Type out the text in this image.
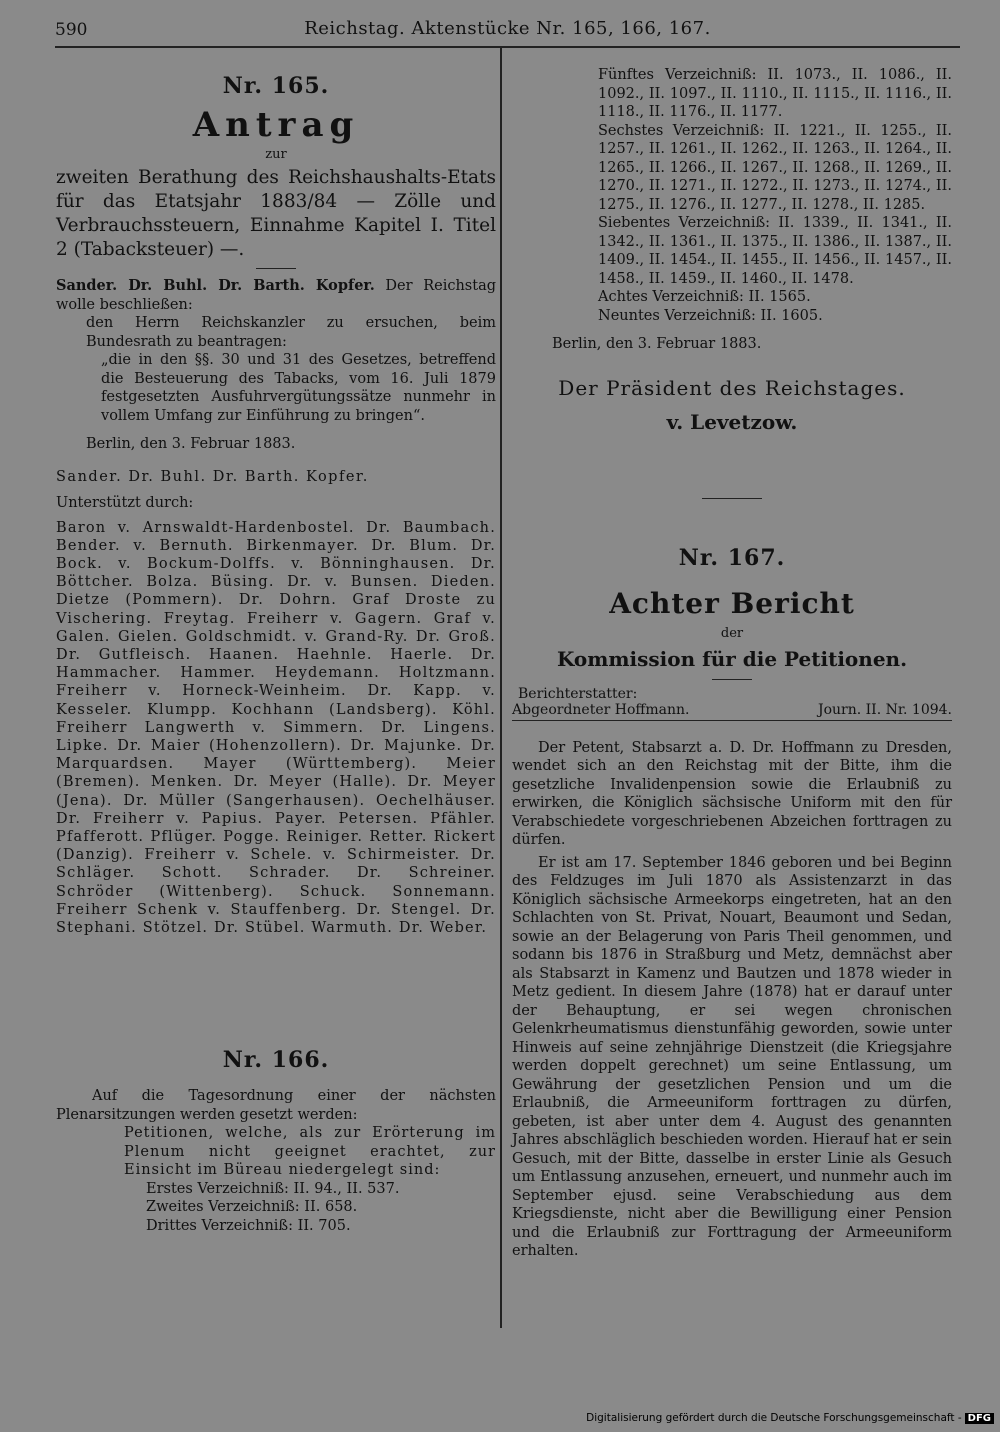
590	Reichstag. Aktenstücke Nr. 165, 166, 167.
Nr. 165.
Antrag
zur
zweiten Berathung des Reichshaushalts-Etats für das Etatsjahr 1883/84 — Zölle und Verbrauchssteuern, Einnahme Kapitel I. Titel 2 (Tabacksteuer) —.
Sander. Dr. Buhl. Dr. Barth. Kopfer. Der Reichstag wolle beschließen:
den Herrn Reichskanzler zu ersuchen, beim Bundesrath zu beantragen:
„die in den §§. 30 und 31 des Gesetzes, betreffend die Besteuerung des Tabacks, vom 16. Juli 1879 festgesetzten Ausfuhrvergütungssätze nunmehr in vollem Umfang zur Einführung zu bringen“.
Berlin, den 3. Februar 1883.
Sander. Dr. Buhl. Dr. Barth. Kopfer.
Unterstützt durch:
Baron v. Arnswaldt-Hardenbostel. Dr. Baumbach. Bender. v. Bernuth. Birkenmayer. Dr. Blum. Dr. Bock. v. Bockum-Dolffs. v. Bönninghausen. Dr. Böttcher. Bolza. Büsing. Dr. v. Bunsen. Dieden. Dietze (Pommern). Dr. Dohrn. Graf Droste zu Vischering. Freytag. Freiherr v. Gagern. Graf v. Galen. Gielen. Goldschmidt. v. Grand-Ry. Dr. Groß. Dr. Gutfleisch. Haanen. Haehnle. Haerle. Dr. Hammacher. Hammer. Heydemann. Holtzmann. Freiherr v. Horneck-Weinheim. Dr. Kapp. v. Kesseler. Klumpp. Kochhann (Landsberg). Köhl. Freiherr Langwerth v. Simmern. Dr. Lingens. Lipke. Dr. Maier (Hohenzollern). Dr. Majunke. Dr. Marquardsen. Mayer (Württemberg). Meier (Bremen). Menken. Dr. Meyer (Halle). Dr. Meyer (Jena). Dr. Müller (Sangerhausen). Oechelhäuser. Dr. Freiherr v. Papius. Payer. Petersen. Pfähler. Pfafferott. Pflüger. Pogge. Reiniger. Retter. Rickert (Danzig). Freiherr v. Schele. v. Schirmeister. Dr. Schläger. Schott. Schrader. Dr. Schreiner. Schröder (Wittenberg). Schuck. Sonnemann. Freiherr Schenk v. Stauffenberg. Dr. Stengel. Dr. Stephani. Stötzel. Dr. Stübel. Warmuth. Dr. Weber.
Nr. 166.
Auf die Tagesordnung einer der nächsten Plenarsitzungen werden gesetzt werden:
Petitionen, welche, als zur Erörterung im Plenum nicht geeignet erachtet, zur Einsicht im Büreau niedergelegt sind:
Erstes Verzeichniß: II. 94., II. 537.
Zweites Verzeichniß: II. 658.
Drittes Verzeichniß: II. 705.
Fünftes Verzeichniß: II. 1073., II. 1086., II. 1092., II. 1097., II. 1110., II. 1115., II. 1116., II. 1118., II. 1176., II. 1177.
Sechstes Verzeichniß: II. 1221., II. 1255., II. 1257., II. 1261., II. 1262., II. 1263., II. 1264., II. 1265., II. 1266., II. 1267., II. 1268., II. 1269., II. 1270., II. 1271., II. 1272., II. 1273., II. 1274., II. 1275., II. 1276., II. 1277., II. 1278., II. 1285.
Siebentes Verzeichniß: II. 1339., II. 1341., II. 1342., II. 1361., II. 1375., II. 1386., II. 1387., II. 1409., II. 1454., II. 1455., II. 1456., II. 1457., II. 1458., II. 1459., II. 1460., II. 1478.
Achtes Verzeichniß: II. 1565.
Neuntes Verzeichniß: II. 1605.
Berlin, den 3. Februar 1883.
Der Präsident des Reichstages.
v. Levetzow.
Nr. 167.
Achter Bericht
der
Kommission für die Petitionen.
Berichterstatter:
Abgeordneter Hoffmann.	Journ. II. Nr. 1094.
Der Petent, Stabsarzt a. D. Dr. Hoffmann zu Dresden, wendet sich an den Reichstag mit der Bitte, ihm die gesetzliche Invalidenpension sowie die Erlaubniß zu erwirken, die Königlich sächsische Uniform mit den für Verabschiedete vorgeschriebenen Abzeichen forttragen zu dürfen.
Er ist am 17. September 1846 geboren und bei Beginn des Feldzuges im Juli 1870 als Assistenzarzt in das Königlich sächsische Armeekorps eingetreten, hat an den Schlachten von St. Privat, Nouart, Beaumont und Sedan, sowie an der Belagerung von Paris Theil genommen, und sodann bis 1876 in Straßburg und Metz, demnächst aber als Stabsarzt in Kamenz und Bautzen und 1878 wieder in Metz gedient. In diesem Jahre (1878) hat er darauf unter der Behauptung, er sei wegen chronischen Gelenkrheumatismus dienstunfähig geworden, sowie unter Hinweis auf seine zehnjährige Dienstzeit (die Kriegsjahre werden doppelt gerechnet) um seine Entlassung, um Gewährung der gesetzlichen Pension und um die Erlaubniß, die Armeeuniform forttragen zu dürfen, gebeten, ist aber unter dem 4. August des genannten Jahres abschläglich beschieden worden. Hierauf hat er sein Gesuch, mit der Bitte, dasselbe in erster Linie als Gesuch um Entlassung anzusehen, erneuert, und nunmehr auch im September ejusd. seine Verabschiedung aus dem Kriegsdienste, nicht aber die Bewilligung einer Pension und die Erlaubniß zur Forttragung der Armeeuniform erhalten.
Digitalisierung gefördert durch die Deutsche Forschungsgemeinschaft - DFG
